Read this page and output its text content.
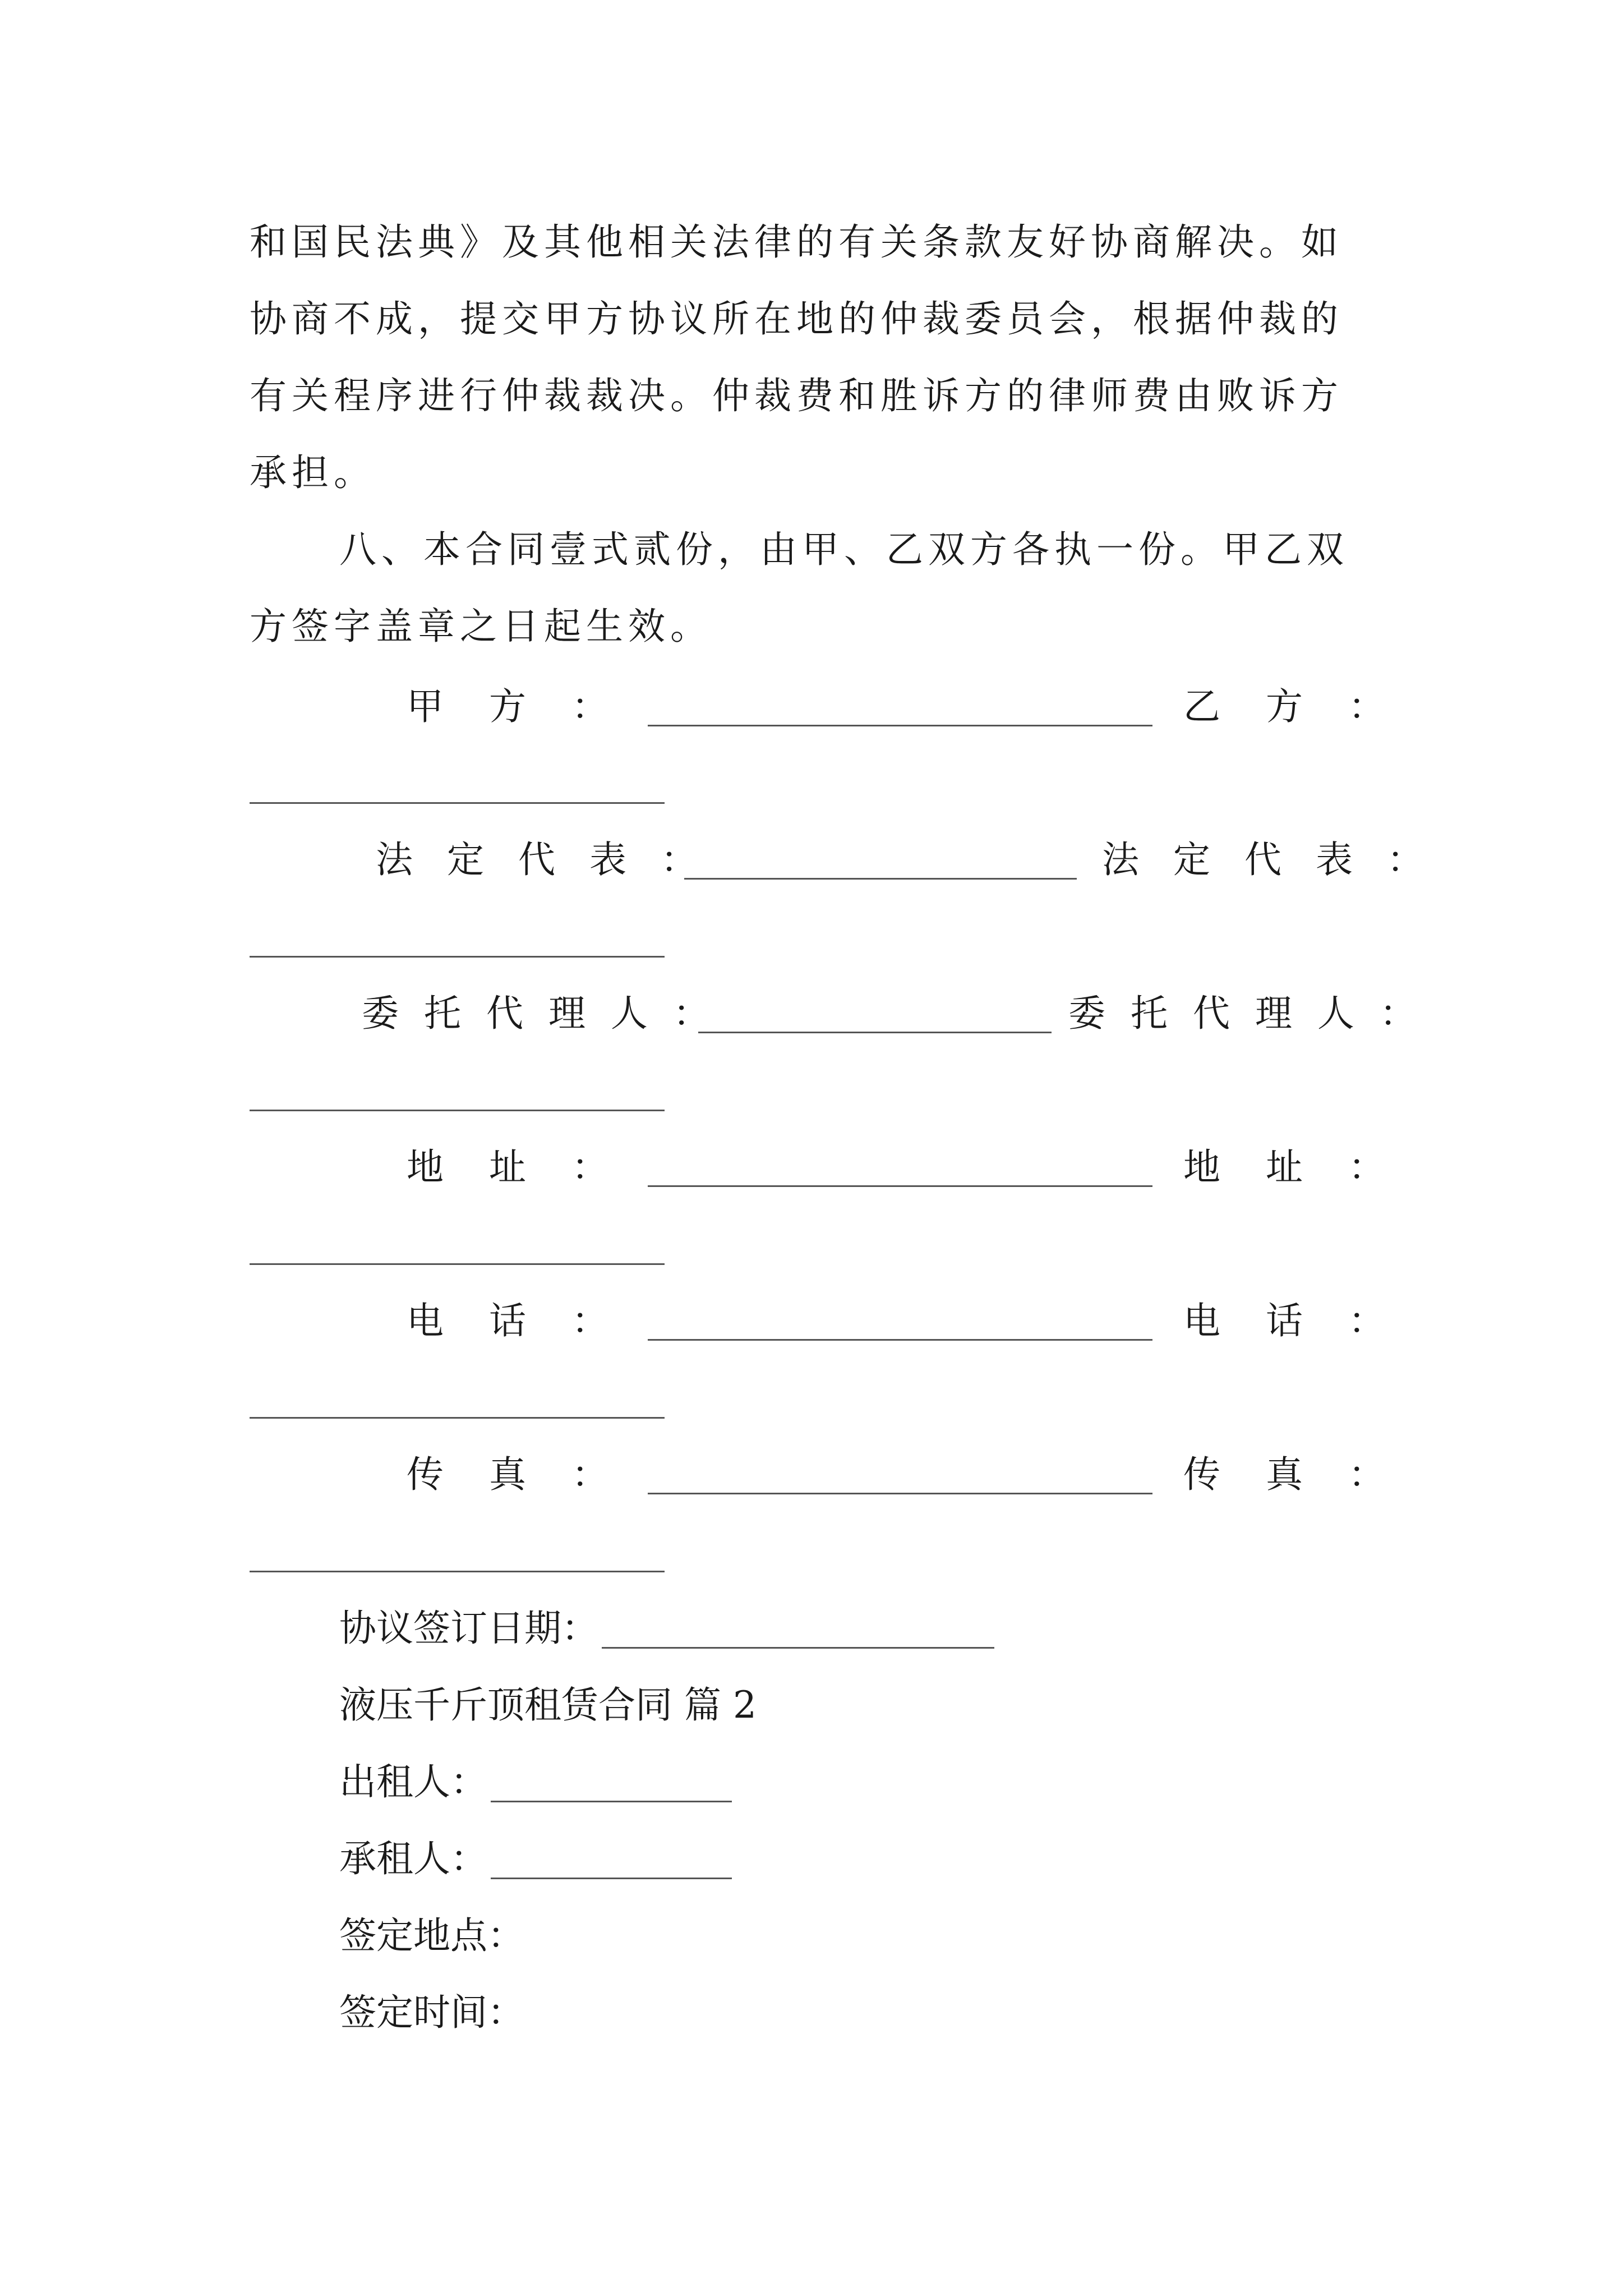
和国民法典》及其他相关法律的有关条款友好协商解决。如
协商不成，提交甲方协议所在地的仲裁委员会，根据仲裁的
有关程序进行仲裁裁决。仲裁费和胜诉方的律师费由败诉方
承担。
八、本合同壹式贰份，由甲、乙双方各执一份。甲乙双
方签字盖章之日起生效。
甲 方 ：	乙 方 ：
法 定 代 表 ：	法 定 代 表 ：
委 托 代 理 人 ：	委 托 代 理 人 ：
地 址 ：	地 址 ：
电 话 ：	电 话 ：
传 真 ：	传 真 ：
协议签订日期：
液压千斤顶租赁合同 篇 2
出租人：
承租人：
签定地点：
签定时间：
